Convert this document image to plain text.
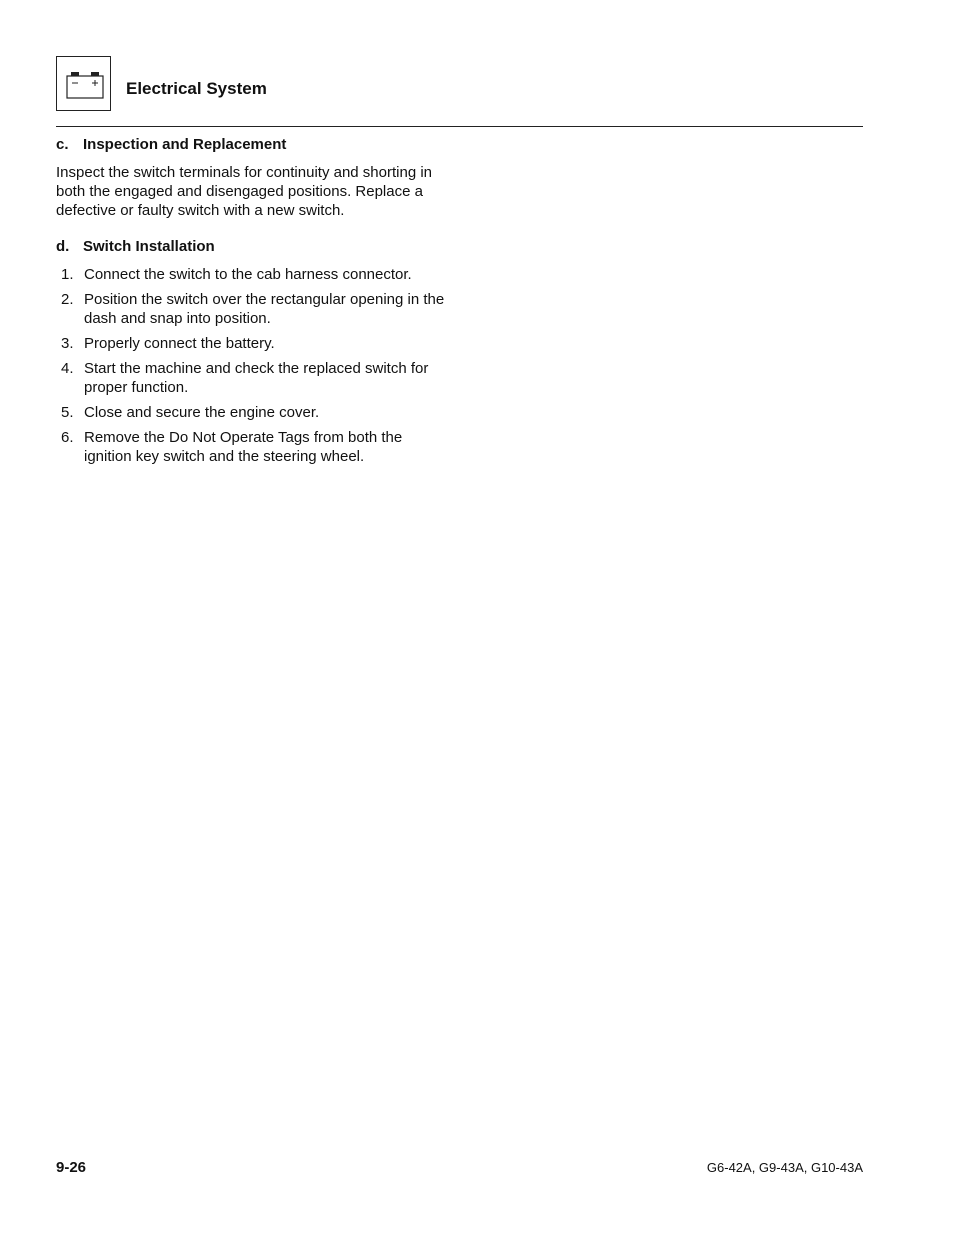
Electrical System
c. Inspection and Replacement

Inspect the switch terminals for continuity and shorting in both the engaged and disengaged positions. Replace a defective or faulty switch with a new switch.

d. Switch Installation
1. Connect the switch to the cab harness connector.
2. Position the switch over the rectangular opening in the dash and snap into position.
3. Properly connect the battery.
4. Start the machine and check the replaced switch for proper function.
5. Close and secure the engine cover.
6. Remove the Do Not Operate Tags from both the ignition key switch and the steering wheel.
9-26	G6-42A, G9-43A, G10-43A
